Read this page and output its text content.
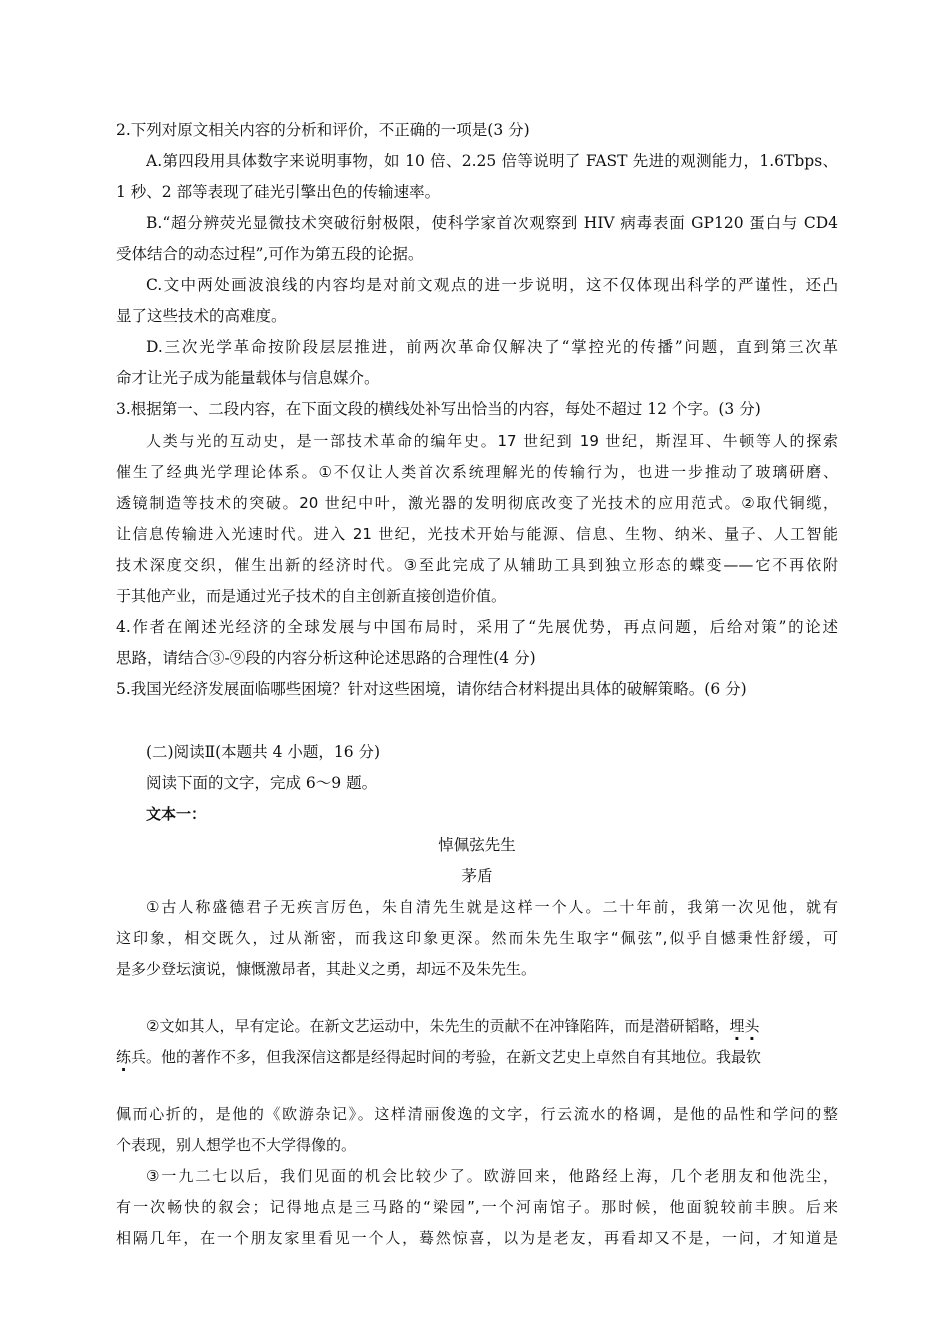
2.下列对原文相关内容的分析和评价，不正确的一项是(3 分)
A.第四段用具体数字来说明事物，如 10 倍、2.25 倍等说明了 FAST 先进的观测能力，1.6Tbps、
1 秒、2 部等表现了硅光引擎出色的传输速率。
B.“超分辨荧光显微技术突破衍射极限，使科学家首次观察到 HIV 病毒表面 GP120 蛋白与 CD4
受体结合的动态过程”,可作为第五段的论据。
C.文中两处画波浪线的内容均是对前文观点的进一步说明，这不仅体现出科学的严谨性，还凸
显了这些技术的高难度。
D.三次光学革命按阶段层层推进，前两次革命仅解决了“掌控光的传播”问题，直到第三次革
命才让光子成为能量载体与信息媒介。
3.根据第一、二段内容，在下面文段的横线处补写出恰当的内容，每处不超过 12 个字。(3 分)
人类与光的互动史，是一部技术革命的编年史。17 世纪到 19 世纪，斯涅耳、牛顿等人的探索
催生了经典光学理论体系。①不仅让人类首次系统理解光的传输行为，也进一步推动了玻璃研磨、
透镜制造等技术的突破。20 世纪中叶，激光器的发明彻底改变了光技术的应用范式。②取代铜缆，
让信息传输进入光速时代。进入 21 世纪，光技术开始与能源、信息、生物、纳米、量子、人工智能
技术深度交织，催生出新的经济时代。③至此完成了从辅助工具到独立形态的蝶变——它不再依附
于其他产业，而是通过光子技术的自主创新直接创造价值。
4.作者在阐述光经济的全球发展与中国布局时，采用了“先展优势，再点问题，后给对策”的论述
思路，请结合③-⑨段的内容分析这种论述思路的合理性(4 分)
5.我国光经济发展面临哪些困境？针对这些困境，请你结合材料提出具体的破解策略。(6 分)
(二)阅读Ⅱ(本题共 4 小题，16 分)
阅读下面的文字，完成 6～9 题。
文本一：
悼佩弦先生
茅盾
①古人称盛德君子无疾言厉色，朱自清先生就是这样一个人。二十年前，我第一次见他，就有
这印象，相交既久，过从渐密，而我这印象更深。然而朱先生取字“佩弦”,似乎自憾秉性舒缓，可
是多少登坛演说，慷慨激昂者，其赴义之勇，却远不及朱先生。
②文如其人，早有定论。在新文艺运动中，朱先生的贡献不在冲锋陷阵，而是潜研韬略，埋头
练兵。他的著作不多，但我深信这都是经得起时间的考验，在新文艺史上卓然自有其地位。我最钦
佩而心折的，是他的《欧游杂记》。这样清丽俊逸的文字，行云流水的格调，是他的品性和学问的整
个表现，别人想学也不大学得像的。
③一九二七以后，我们见面的机会比较少了。欧游回来，他路经上海，几个老朋友和他洗尘，
有一次畅快的叙会；记得地点是三马路的“梁园”,一个河南馆子。那时候，他面貌较前丰腴。后来
相隔几年，在一个朋友家里看见一个人，蓦然惊喜，以为是老友，再看却又不是，一问，才知道是
